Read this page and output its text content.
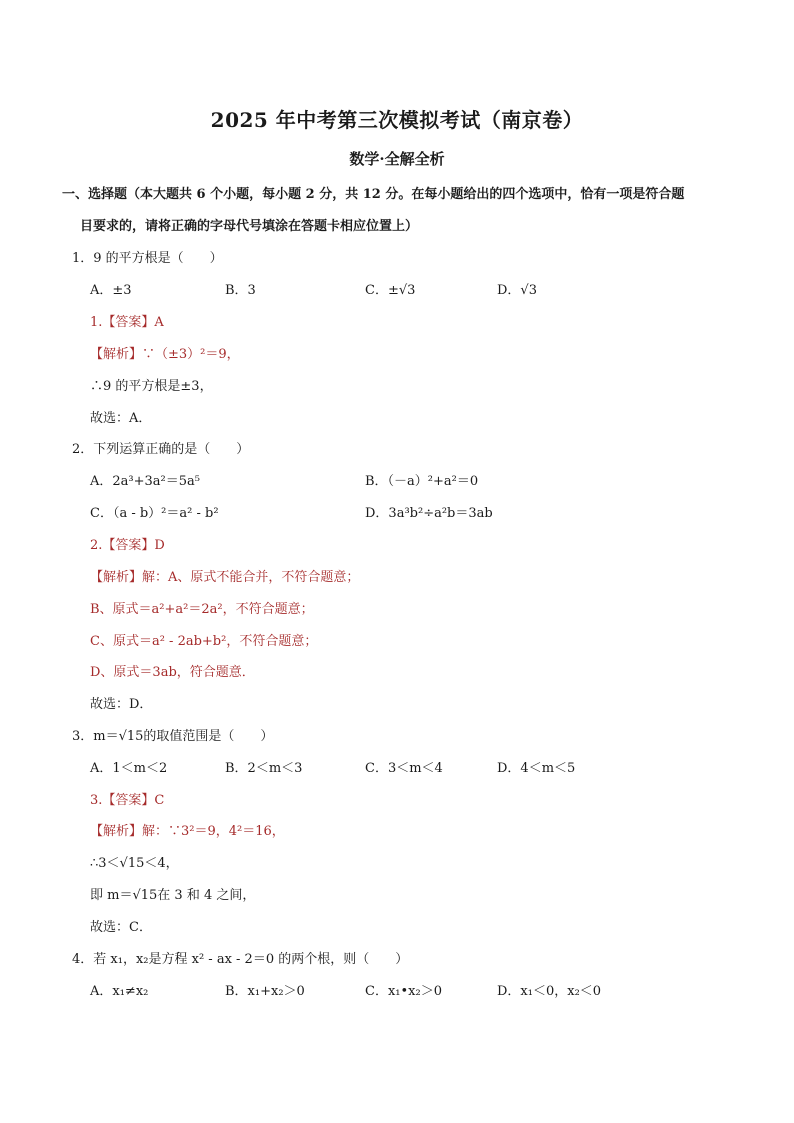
2025 年中考第三次模拟考试（南京卷）
数学·全解全析
一、选择题（本大题共 6 个小题，每小题 2 分，共 12 分。在每小题给出的四个选项中，恰有一项是符合题
目要求的，请将正确的字母代号填涂在答题卡相应位置上）
1．9 的平方根是（　　）
A．±3	B．3	C．±√3	D．√3
1.【答案】A
【解析】∵（±3）²＝9，
∴9 的平方根是±3，
故选：A．
2．下列运算正确的是（　　）
A．2a³+3a²＝5a⁵	B．（－a）²+a²＝0
C．（a - b）²＝a² - b²	D．3a³b²÷a²b＝3ab
2.【答案】D
【解析】解：A、原式不能合并，不符合题意；
B、原式＝a²+a²＝2a²，不符合题意；
C、原式＝a² - 2ab+b²，不符合题意；
D、原式＝3ab，符合题意．
故选：D．
3．m＝√15的取值范围是（　　）
A．1＜m＜2	B．2＜m＜3	C．3＜m＜4	D．4＜m＜5
3.【答案】C
【解析】解：∵3²＝9，4²＝16，
∴3＜√15＜4，
即 m＝√15在 3 和 4 之间，
故选：C．
4．若 x₁，x₂是方程 x² - ax - 2＝0 的两个根，则（　　）
A．x₁≠x₂	B．x₁+x₂＞0	C．x₁•x₂＞0	D．x₁＜0，x₂＜0
